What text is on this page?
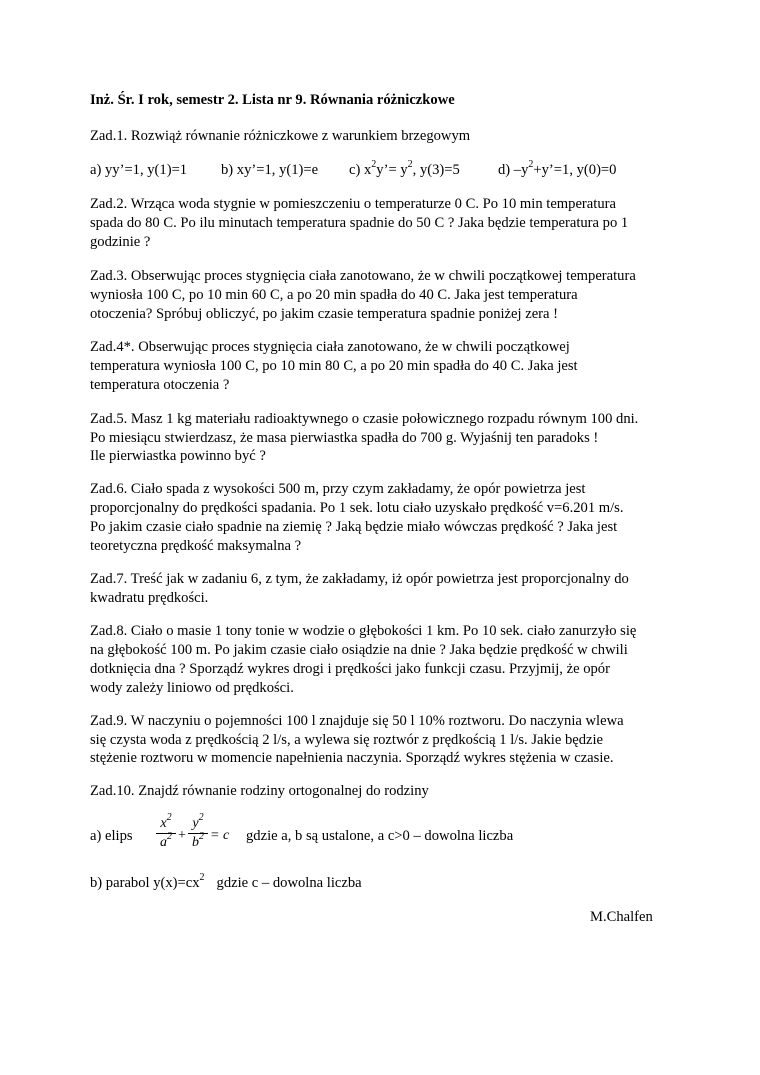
Inż. Śr. I rok, semestr 2. Lista nr 9. Równania różniczkowe
Zad.1. Rozwiąż równanie różniczkowe z warunkiem brzegowym
a) yy’=1, y(1)=1 b) xy’=1, y(1)=e c) $x^2y’= y^2$, y(3)=5	d) $-y^2+y’=1$, y(0)=0
Zad.2. Wrząca woda stygnie w pomieszczeniu o temperaturze 0 C. Po 10 min temperatura
spada do 80 C. Po ilu minutach temperatura spadnie do 50 C ? Jaka będzie temperatura po 1
godzinie ?
Zad.3. Obserwując proces stygnięcia ciała zanotowano, że w chwili początkowej temperatura
wyniosła 100 C, po 10 min 60 C, a po 20 min spadła do 40 C. Jaka jest temperatura
otoczenia? Spróbuj obliczyć, po jakim czasie temperatura spadnie poniżej zera !
Zad.4*. Obserwując proces stygnięcia ciała zanotowano, że w chwili początkowej
temperatura wyniosła 100 C, po 10 min 80 C, a po 20 min spadła do 40 C. Jaka jest
temperatura otoczenia ?
Zad.5. Masz 1 kg materiału radioaktywnego o czasie połowicznego rozpadu równym 100 dni.
Po miesiącu stwierdzasz, że masa pierwiastka spadła do 700 g. Wyjaśnij ten paradoks !
Ile pierwiastka powinno być ?
Zad.6. Ciało spada z wysokości 500 m, przy czym zakładamy, że opór powietrza jest
proporcjonalny do prędkości spadania. Po 1 sek. lotu ciało uzyskało prędkość v=6.201 m/s.
Po jakim czasie ciało spadnie na ziemię ? Jaką będzie miało wówczas prędkość ? Jaka jest
teoretyczna prędkość maksymalna ?
Zad.7. Treść jak w zadaniu 6, z tym, że zakładamy, iż opór powietrza jest proporcjonalny do
kwadratu prędkości.
Zad.8. Ciało o masie 1 tony tonie w wodzie o głębokości 1 km. Po 10 sek. ciało zanurzyło się
na głębokość 100 m. Po jakim czasie ciało osiądzie na dnie ? Jaka będzie prędkość w chwili
dotknięcia dna ? Sporządź wykres drogi i prędkości jako funkcji czasu. Przyjmij, że opór
wody zależy liniowo od prędkości.
Zad.9. W naczyniu o pojemności 100 l znajduje się 50 l 10% roztworu. Do naczynia wlewa
się czysta woda z prędkością 2 l/s, a wylewa się roztwór z prędkością 1 l/s. Jakie będzie
stężenie roztworu w momencie napełnienia naczynia. Sporządź wykres stężenia w czasie.
Zad.10. Znajdź równanie rodziny ortogonalnej do rodziny
a) elips
$x^2$
$a^2$ +
$y^2$
$b^2 = c$ gdzie a, b są ustalone, a c>0 – dowolna liczba
b) parabol $y(x)=cx^2$ gdzie c – dowolna liczba
M.Chalfen
